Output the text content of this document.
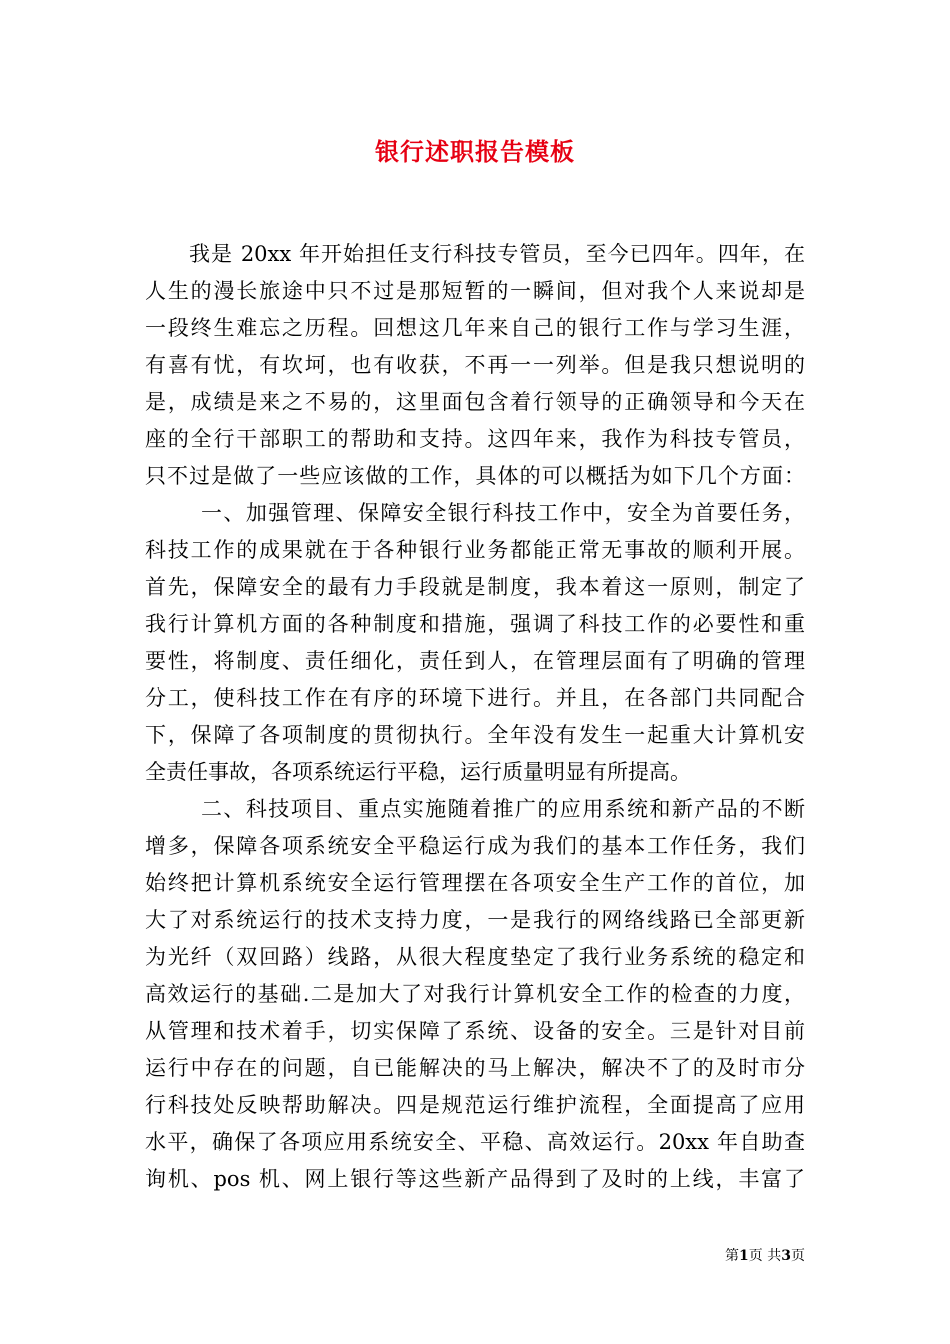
银行述职报告模板
我是 20xx 年开始担任支行科技专管员，至今已四年。四年，在
人生的漫长旅途中只不过是那短暂的一瞬间，但对我个人来说却是
一段终生难忘之历程。回想这几年来自己的银行工作与学习生涯，
有喜有忧，有坎坷，也有收获，不再一一列举。但是我只想说明的
是，成绩是来之不易的，这里面包含着行领导的正确领导和今天在
座的全行干部职工的帮助和支持。这四年来，我作为科技专管员，
只不过是做了一些应该做的工作，具体的可以概括为如下几个方面：
一、加强管理、保障安全银行科技工作中，安全为首要任务，
科技工作的成果就在于各种银行业务都能正常无事故的顺利开展。
首先，保障安全的最有力手段就是制度，我本着这一原则，制定了
我行计算机方面的各种制度和措施，强调了科技工作的必要性和重
要性，将制度、责任细化，责任到人，在管理层面有了明确的管理
分工，使科技工作在有序的环境下进行。并且，在各部门共同配合
下，保障了各项制度的贯彻执行。全年没有发生一起重大计算机安
全责任事故，各项系统运行平稳，运行质量明显有所提高。
二、科技项目、重点实施随着推广的应用系统和新产品的不断
增多，保障各项系统安全平稳运行成为我们的基本工作任务，我们
始终把计算机系统安全运行管理摆在各项安全生产工作的首位，加
大了对系统运行的技术支持力度，一是我行的网络线路已全部更新
为光纤（双回路）线路，从很大程度垫定了我行业务系统的稳定和
高效运行的基础.二是加大了对我行计算机安全工作的检查的力度，
从管理和技术着手，切实保障了系统、设备的安全。三是针对目前
运行中存在的问题，自已能解决的马上解决，解决不了的及时市分
行科技处反映帮助解决。四是规范运行维护流程，全面提高了应用
水平，确保了各项应用系统安全、平稳、高效运行。20xx 年自助查
询机、pos 机、网上银行等这些新产品得到了及时的上线，丰富了
第1页 共3页
